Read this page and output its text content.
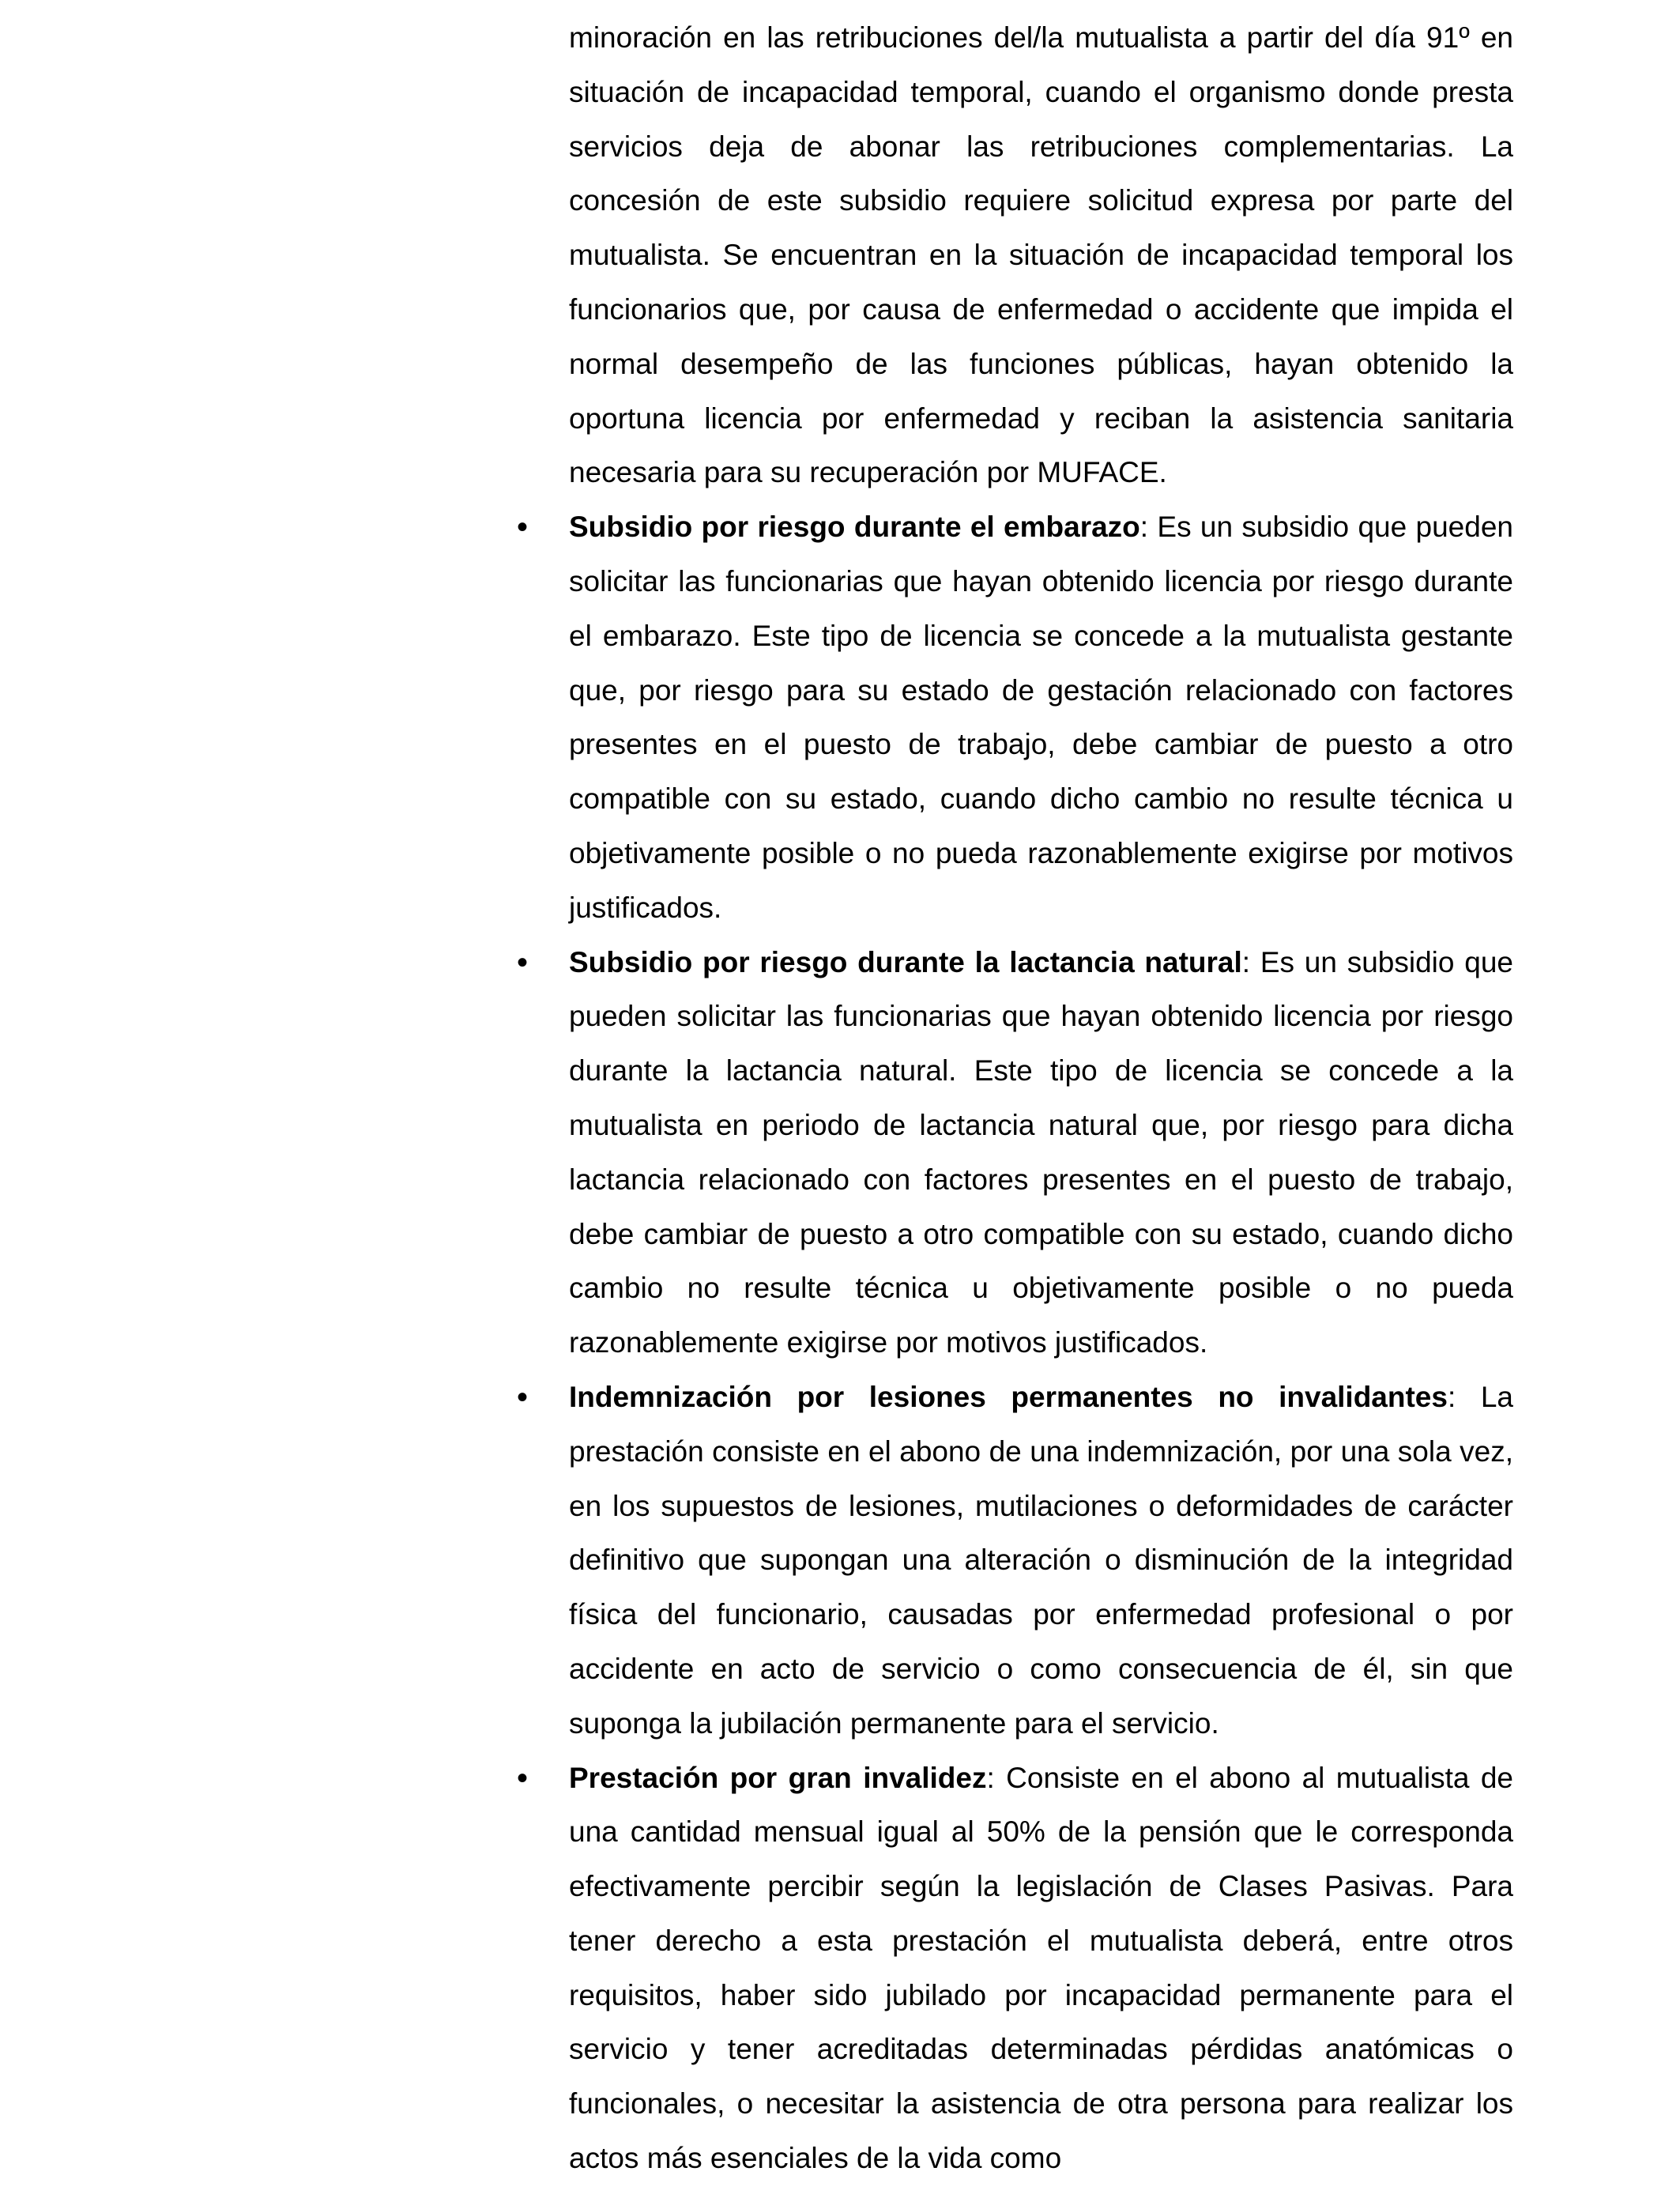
minoración en las retribuciones del/la mutualista a partir del día 91º en situación de incapacidad temporal, cuando el organismo donde presta servicios deja de abonar las retribuciones complementarias. La concesión de este subsidio requiere solicitud expresa por parte del mutualista. Se encuentran en la situación de incapacidad temporal los funcionarios que, por causa de enfermedad o accidente que impida el normal desempeño de las funciones públicas, hayan obtenido la oportuna licencia por enfermedad y reciban la asistencia sanitaria necesaria para su recuperación por MUFACE.

• Subsidio por riesgo durante el embarazo: Es un subsidio que pueden solicitar las funcionarias que hayan obtenido licencia por riesgo durante el embarazo. Este tipo de licencia se concede a la mutualista gestante que, por riesgo para su estado de gestación relacionado con factores presentes en el puesto de trabajo, debe cambiar de puesto a otro compatible con su estado, cuando dicho cambio no resulte técnica u objetivamente posible o no pueda razonablemente exigirse por motivos justificados.
• Subsidio por riesgo durante la lactancia natural: Es un subsidio que pueden solicitar las funcionarias que hayan obtenido licencia por riesgo durante la lactancia natural. Este tipo de licencia se concede a la mutualista en periodo de lactancia natural que, por riesgo para dicha lactancia relacionado con factores presentes en el puesto de trabajo, debe cambiar de puesto a otro compatible con su estado, cuando dicho cambio no resulte técnica u objetivamente posible o no pueda razonablemente exigirse por motivos justificados.
• Indemnización por lesiones permanentes no invalidantes: La prestación consiste en el abono de una indemnización, por una sola vez, en los supuestos de lesiones, mutilaciones o deformidades de carácter definitivo que supongan una alteración o disminución de la integridad física del funcionario, causadas por enfermedad profesional o por accidente en acto de servicio o como consecuencia de él, sin que suponga la jubilación permanente para el servicio.
• Prestación por gran invalidez: Consiste en el abono al mutualista de una cantidad mensual igual al 50% de la pensión que le corresponda efectivamente percibir según la legislación de Clases Pasivas. Para tener derecho a esta prestación el mutualista deberá, entre otros requisitos, haber sido jubilado por incapacidad permanente para el servicio y tener acreditadas determinadas pérdidas anatómicas o funcionales, o necesitar la asistencia de otra persona para realizar los actos más esenciales de la vida como
